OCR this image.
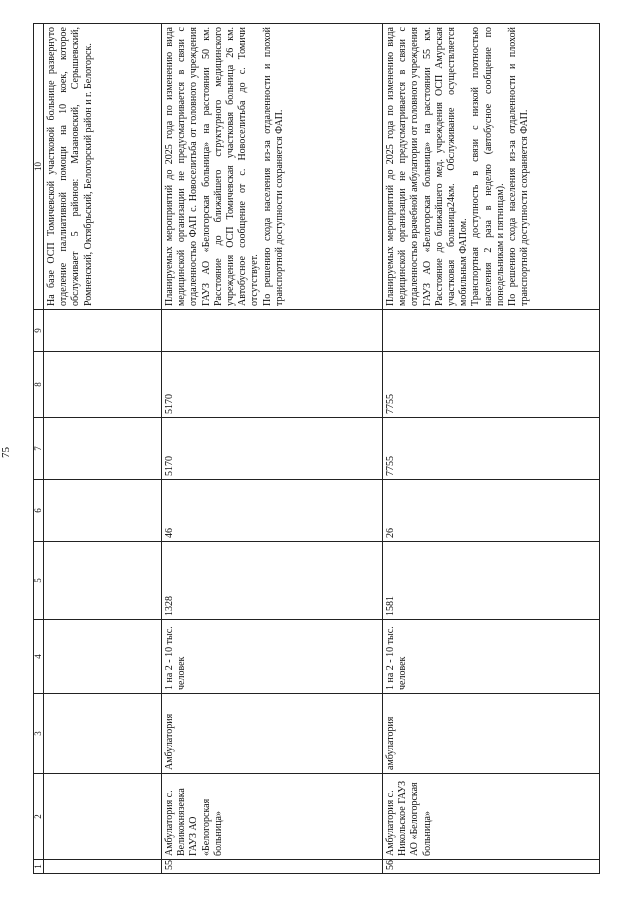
75
1	2	3	4	5	6	7	8	9	10

									На базе ОСП Томичевской участковой больнице развернуто отделение паллиативной помощи на 10 коек, которое обслуживает 5 районов: Мазановский, Серышевский, Ромненский, Октябрьский, Белогорский район и г. Белогорск.

55	Амбулатория с. Великокнязевка ГАУЗ АО «Белогорская больница»	Амбулатория	1 на 2 - 10 тыс. человек	1328	46	5170	5170		Планируемых мероприятий до 2025 года по изменению вида медицинской организации не предусматривается в связи с отдаленностью ФАП с. Новоселитьба от головного учреждения ГАУЗ АО «Белогорская больница» на расстоянии 50 км. Расстояние до ближайшего структурного медицинского учреждения ОСП Томичевская участковая больница 26 км. Автобусное сообщение от с. Новоселитьба до с. Томичи отсутствует. По решению схода населения из-за отдаленности и плохой транспортной доступности сохраняется ФАП.

56	Амбулатория с. Никольское ГАУЗ АО «Белогорская больница»	амбулатория	1 на 2 - 10 тыс. человек	1581	26	7755	7755		Планируемых мероприятий до 2025 года по изменению вида медицинской организации не предусматривается в связи с отдаленностью врачебной амбулатории от головного учреждения ГАУЗ АО «Белогорская больница» на расстоянии 55 км. Расстояние до ближайшего мед. учреждения ОСП Амурская участковая больница24км. Обслуживание осуществляется мобильным ФАПом. Транспортная доступность в связи с низкой плотностью населения 2 раза в неделю (автобусное сообщение по понедельникам и пятницам). По решению схода населения из-за отдаленности и плохой транспортной доступности сохраняется ФАП.
